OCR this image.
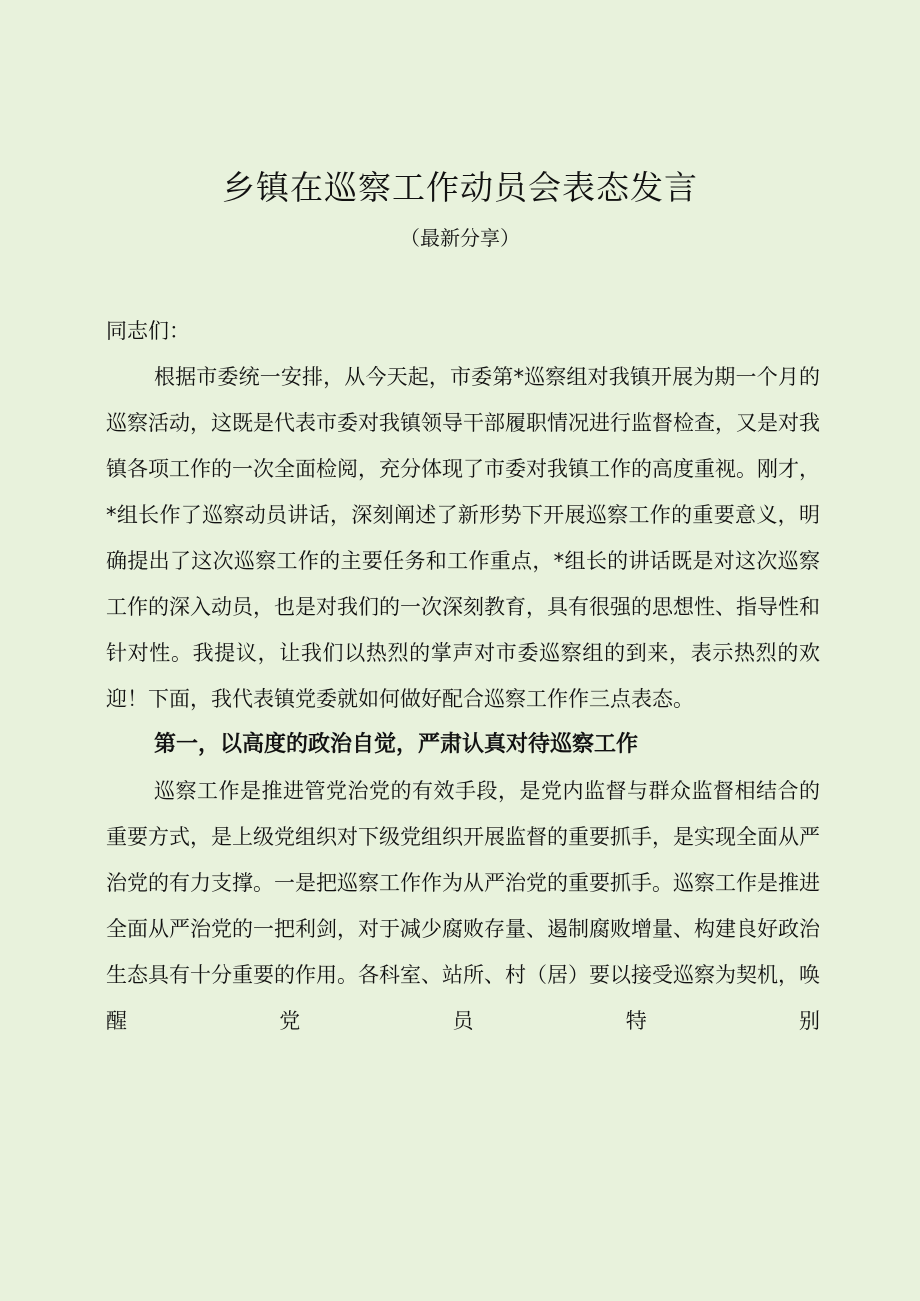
乡镇在巡察工作动员会表态发言
（最新分享）

同志们：

根据市委统一安排，从今天起，市委第*巡察组对我镇开展为期一个月的巡察活动，这既是代表市委对我镇领导干部履职情况进行监督检查，又是对我镇各项工作的一次全面检阅，充分体现了市委对我镇工作的高度重视。刚才，*组长作了巡察动员讲话，深刻阐述了新形势下开展巡察工作的重要意义，明确提出了这次巡察工作的主要任务和工作重点，*组长的讲话既是对这次巡察工作的深入动员，也是对我们的一次深刻教育，具有很强的思想性、指导性和针对性。我提议，让我们以热烈的掌声对市委巡察组的到来，表示热烈的欢迎！下面，我代表镇党委就如何做好配合巡察工作作三点表态。

第一，以高度的政治自觉，严肃认真对待巡察工作

巡察工作是推进管党治党的有效手段，是党内监督与群众监督相结合的重要方式，是上级党组织对下级党组织开展监督的重要抓手，是实现全面从严治党的有力支撑。一是把巡察工作作为从严治党的重要抓手。巡察工作是推进全面从严治党的一把利剑，对于减少腐败存量、遏制腐败增量、构建良好政治生态具有十分重要的作用。各科室、站所、村（居）要以接受巡察为契机，唤醒党员特别
